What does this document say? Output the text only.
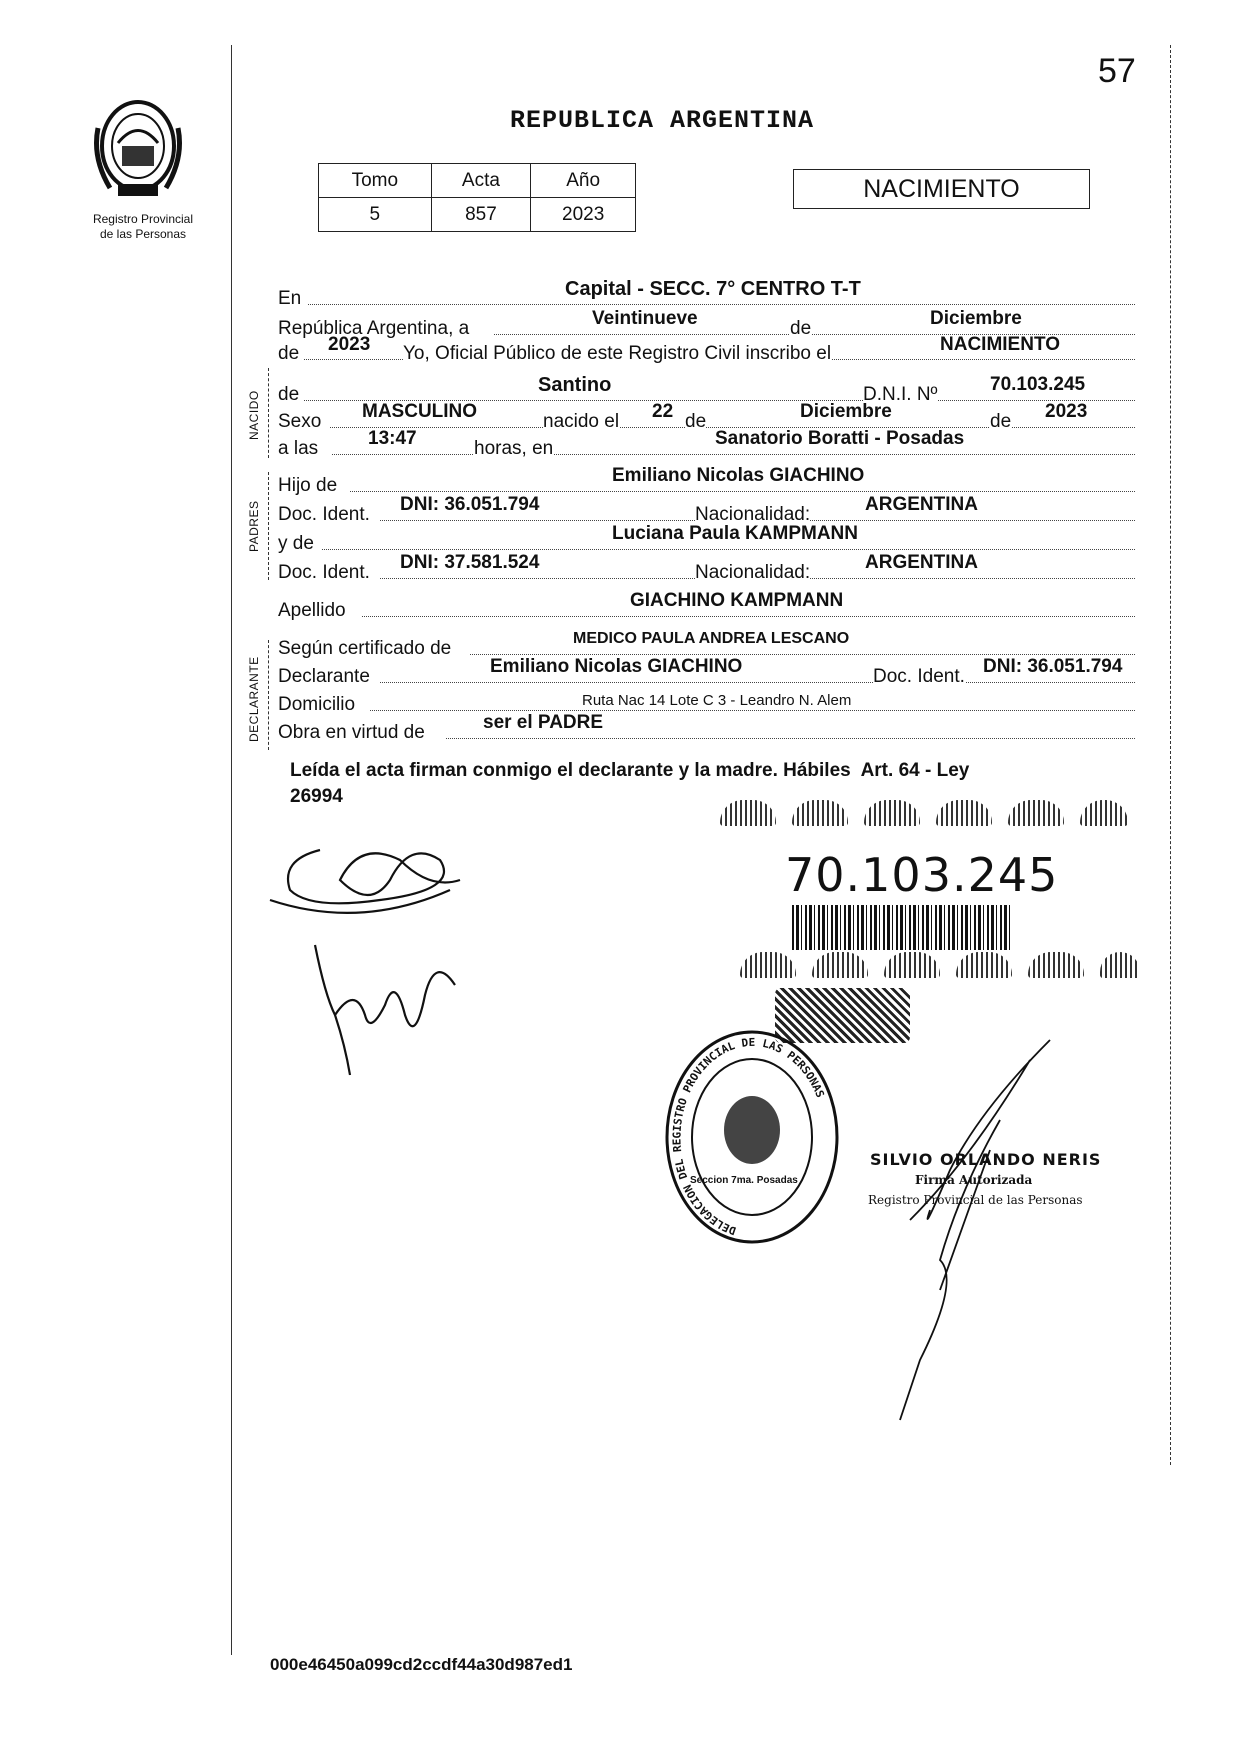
57
Registro Provincial
de las Personas
REPUBLICA ARGENTINA
Tomo	Acta	Año
5	857	2023
NACIMIENTO
NACIDO
PADRES
DECLARANTE
En	Capital - SECC. 7° CENTRO T-T
República Argentina, a	Veintinueve	de	Diciembre
de 2023 Yo, Oficial Público de este Registro Civil inscribo el	NACIMIENTO
de	Santino	D.N.I. Nº	70.103.245
Sexo MASCULINO	nacido el 22 de	Diciembre	de 2023
a las	13:47	horas, en	Sanatorio Boratti - Posadas
Hijo de	Emiliano Nicolas GIACHINO
Doc. Ident. DNI: 36.051.794	Nacionalidad:	ARGENTINA
y de	Luciana Paula KAMPMANN
Doc. Ident. DNI: 37.581.524	Nacionalidad:	ARGENTINA
Apellido	GIACHINO KAMPMANN
Según certificado de	MEDICO PAULA ANDREA LESCANO
Declarante	Emiliano Nicolas GIACHINO	Doc. Ident. DNI: 36.051.794
Domicilio	Ruta Nac 14 Lote C 3 - Leandro N. Alem
Obra en virtud de	ser el PADRE
Leída el acta firman conmigo el declarante y la madre. Hábiles  Art. 64 - Ley
26994
70.103.245
DELEGACION DEL REGISTRO PROVINCIAL DE LAS PERSONAS
Seccion 7ma. Posadas
SILVIO ORLANDO NERIS
Firma Autorizada
Registro Provincial de las Personas
000e46450a099cd2ccdf44a30d987ed1
